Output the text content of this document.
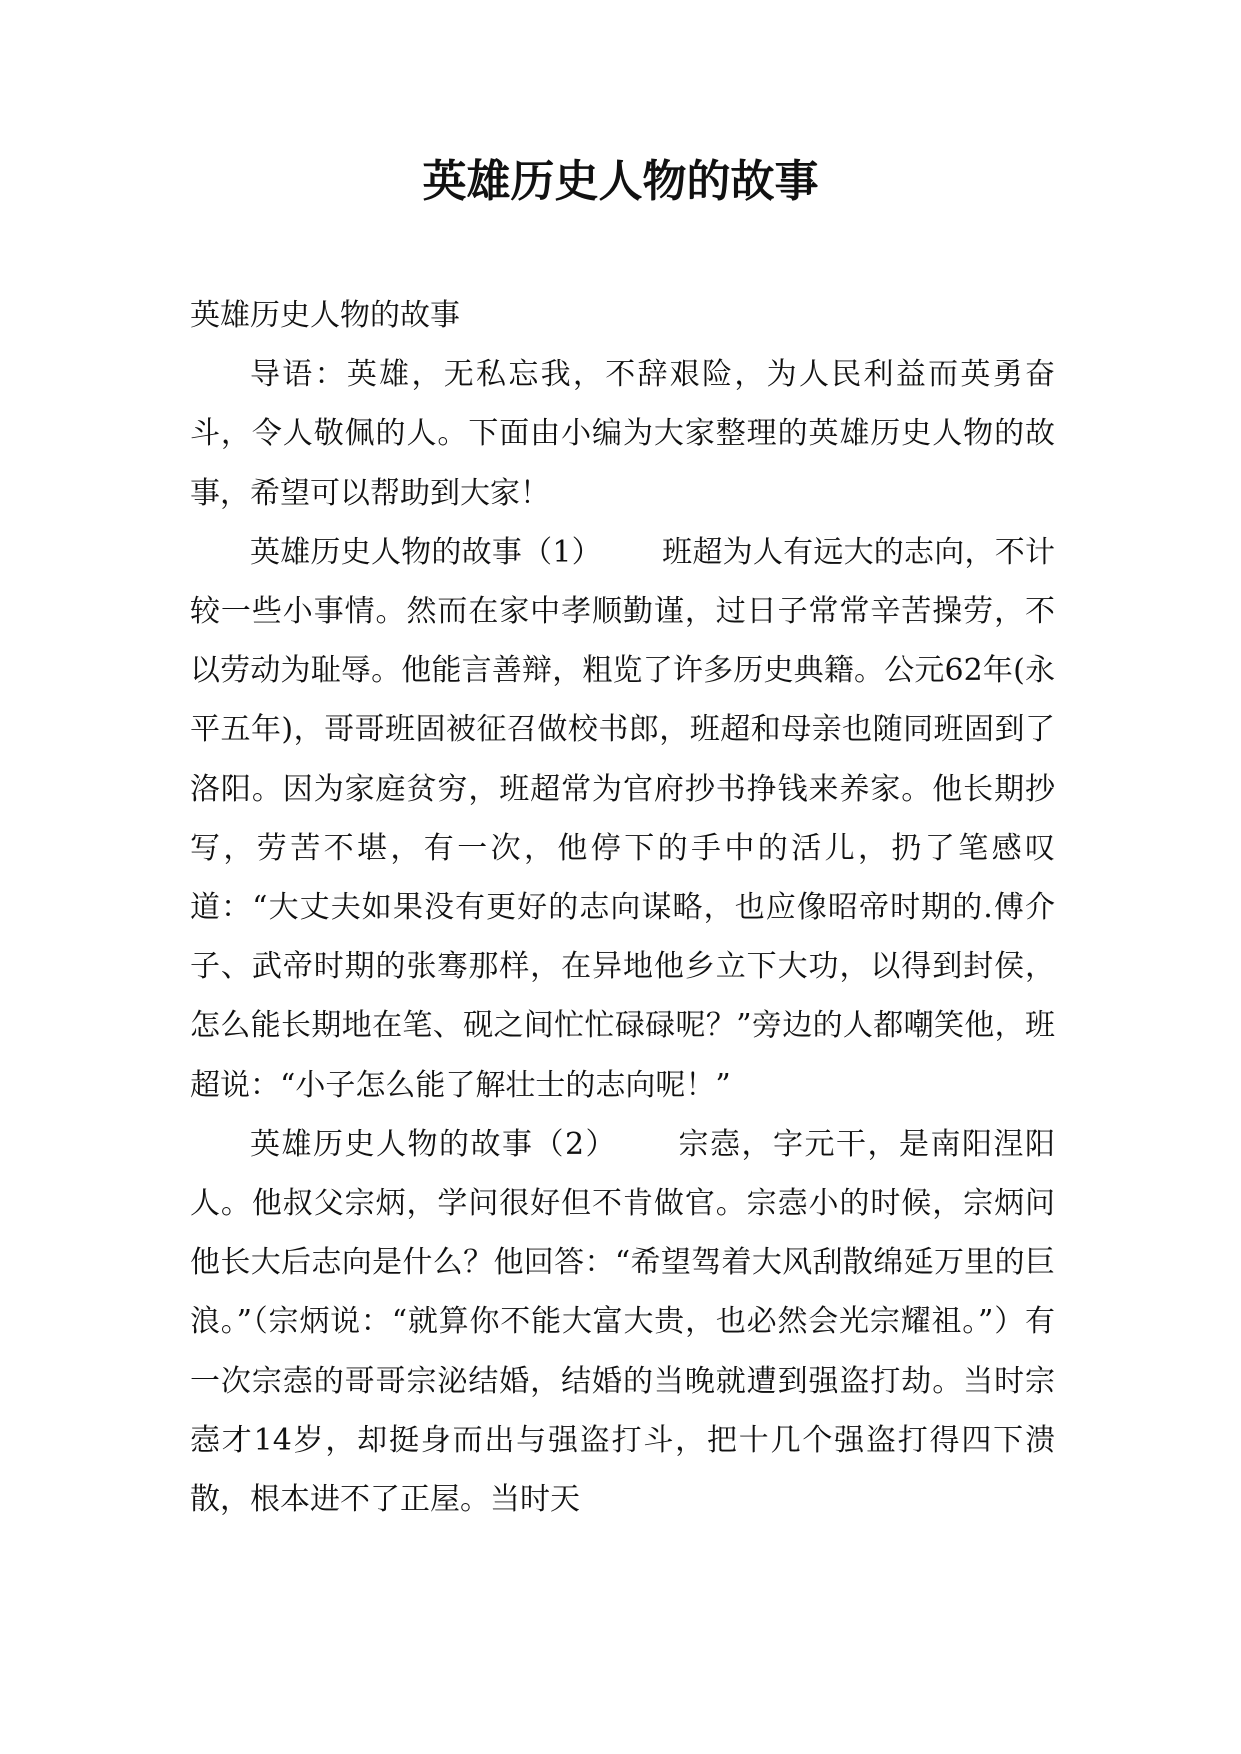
英雄历史人物的故事

英雄历史人物的故事

导语：英雄，无私忘我，不辞艰险，为人民利益而英勇奋斗，令人敬佩的人。下面由小编为大家整理的英雄历史人物的故事，希望可以帮助到大家！

英雄历史人物的故事（1） 班超为人有远大的志向，不计较一些小事情。然而在家中孝顺勤谨，过日子常常辛苦操劳，不以劳动为耻辱。他能言善辩，粗览了许多历史典籍。公元62年(永平五年)，哥哥班固被征召做校书郎，班超和母亲也随同班固到了洛阳。因为家庭贫穷，班超常为官府抄书挣钱来养家。他长期抄写，劳苦不堪，有一次，他停下的手中的活儿，扔了笔感叹道：“大丈夫如果没有更好的志向谋略，也应像昭帝时期的.傅介子、武帝时期的张骞那样，在异地他乡立下大功，以得到封侯，怎么能长期地在笔、砚之间忙忙碌碌呢？”旁边的人都嘲笑他，班超说：“小子怎么能了解壮士的志向呢！”

英雄历史人物的故事（2） 宗悫，字元干，是南阳涅阳人。他叔父宗炳，学问很好但不肯做官。宗悫小的时候，宗炳问他长大后志向是什么？他回答：“希望驾着大风刮散绵延万里的巨浪。”（宗炳说：“就算你不能大富大贵，也必然会光宗耀祖。”）有一次宗悫的哥哥宗泌结婚，结婚的当晚就遭到强盗打劫。当时宗悫才14岁，却挺身而出与强盗打斗，把十几个强盗打得四下溃散，根本进不了正屋。当时天
